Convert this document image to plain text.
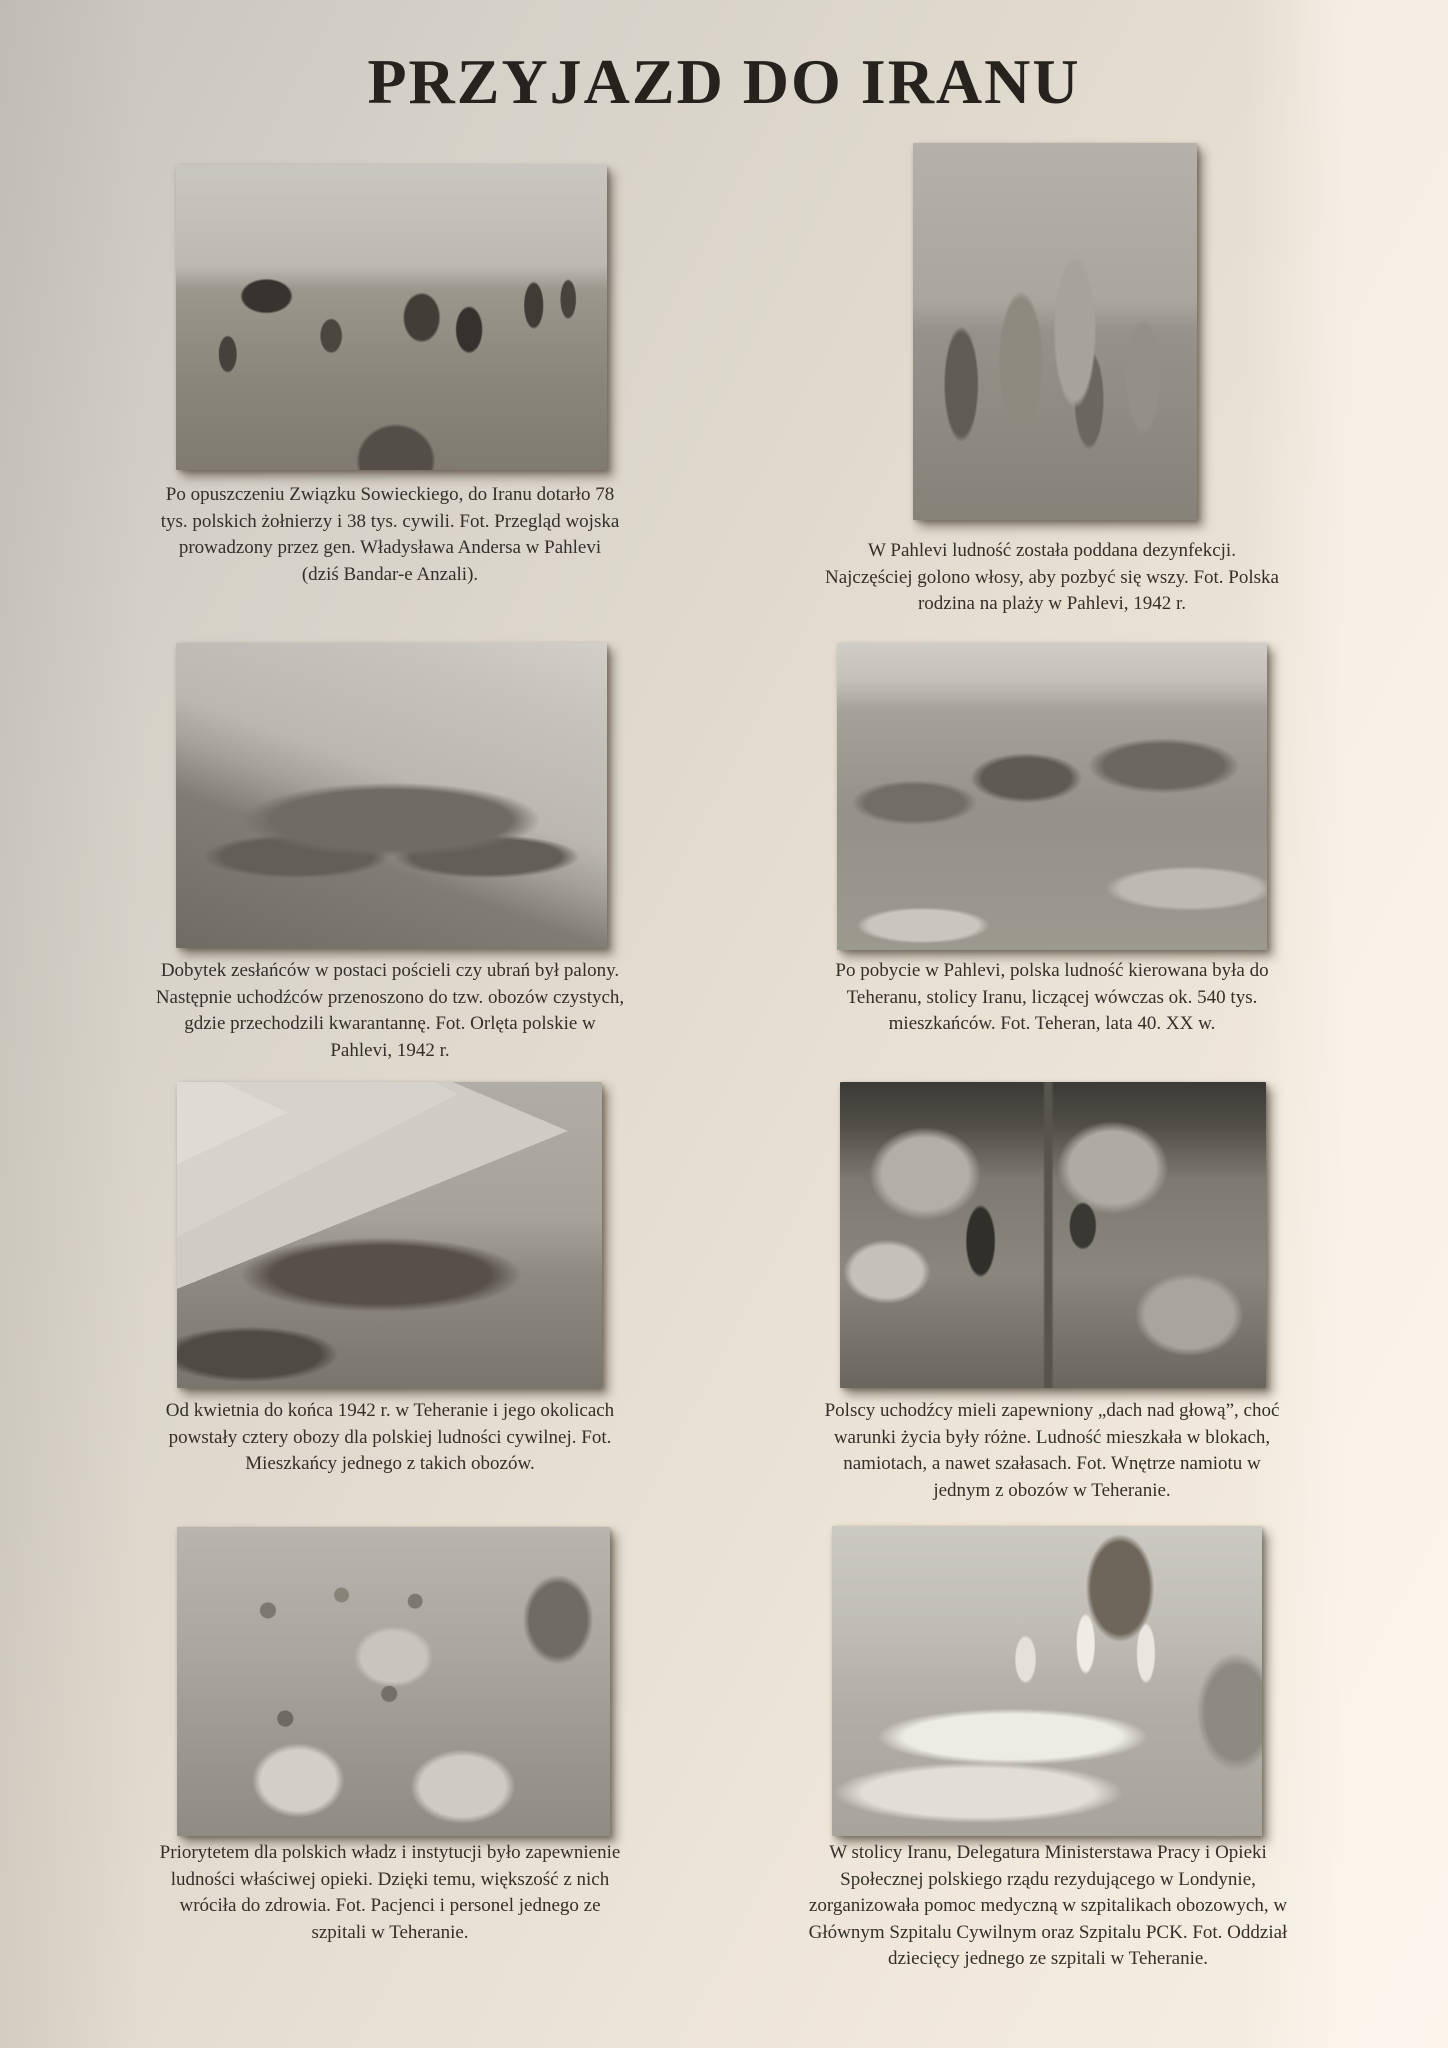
PRZYJAZD DO IRANU
Po opuszczeniu Związku Sowieckiego, do Iranu dotarło 78 tys. polskich żołnierzy i 38 tys. cywili. Fot. Przegląd wojska prowadzony przez gen. Władysława Andersa w Pahlevi (dziś Bandar-e Anzali).
W Pahlevi ludność została poddana dezynfekcji. Najczęściej golono włosy, aby pozbyć się wszy. Fot. Polska rodzina na plaży w Pahlevi, 1942 r.
Dobytek zesłańców w postaci pościeli czy ubrań był palony. Następnie uchodźców przenoszono do tzw. obozów czystych, gdzie przechodzili kwarantannę. Fot. Orlęta polskie w Pahlevi, 1942 r.
Po pobycie w Pahlevi, polska ludność kierowana była do Teheranu, stolicy Iranu, liczącej wówczas ok. 540 tys. mieszkańców. Fot. Teheran, lata 40. XX w.
Od kwietnia do końca 1942 r. w Teheranie i jego okolicach powstały cztery obozy dla polskiej ludności cywilnej. Fot. Mieszkańcy jednego z takich obozów.
Polscy uchodźcy mieli zapewniony „dach nad głową”, choć warunki życia były różne. Ludność mieszkała w blokach, namiotach, a nawet szałasach. Fot. Wnętrze namiotu w jednym z obozów w Teheranie.
Priorytetem dla polskich władz i instytucji było zapewnienie ludności właściwej opieki. Dzięki temu, większość z nich wróciła do zdrowia. Fot. Pacjenci i personel jednego ze szpitali w Teheranie.
W stolicy Iranu, Delegatura Ministerstawa Pracy i Opieki Społecznej polskiego rządu rezydującego w Londynie, zorganizowała pomoc medyczną w szpitalikach obozowych, w Głównym Szpitalu Cywilnym oraz Szpitalu PCK. Fot. Oddział dziecięcy jednego ze szpitali w Teheranie.
